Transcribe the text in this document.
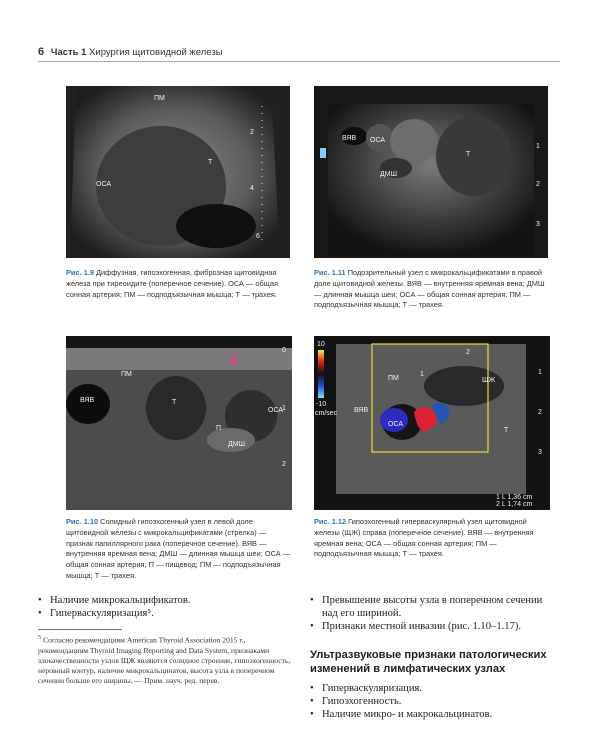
6 Часть 1 Хирургия щитовидной железы
ПМ
ОСА
Т
2
4
6
ВЯВ ОСА
ДМШ
Т
1
2
3
Рис. 1.9 Диффузная, гипоэхогенная, фиброзная щитовидная железа при тиреоидите (поперечное сечение). ОСА — общая сонная артерия; ПМ — подподъязычная мышца; Т — трахея.
Рис. 1.11 Подозрительный узел с микрокальцификатами в правой доле щитовидной железы. ВЯВ — внутренняя яремная вена; ДМШ — длинная мышца шеи; ОСА — общая сонная артерия; ПМ — подподъязычная мышца; Т — трахея.
ПМ
ВЯВ	Т
П
ОСА
ДМШ
0
1
2
10
-10
cm/sec
ПМ	ЩЖ
ВЯВ
ОСА
Т
1
2
1
2
3
1 L 1,36 cm
2 L 1,74 cm
Рис. 1.10 Солидный гипоэхогенный узел в левой доле щитовидной железы с микрокальцификатами (стрелка) — признак папиллярного рака (поперечное сечение). ВЯВ — внутренняя яремная вена; ДМШ — длинная мышца шеи; ОСА — общая сонная артерия; П — пищевод; ПМ — подподъязычная мышца; Т — трахея.
Рис. 1.12 Гипоэхогенный гиперваскулярный узел щитовидной железы (ЩЖ) справа (поперечное сечение). ВЯВ — внутренняя яремная вена; ОСА — общая сонная артерия; ПМ — подподъязычная мышца; Т — трахея.
• Наличие микрокальцификатов.
• Гиперваскуляризация⁵.
$^5$ Согласно рекомендациям American Thyroid Association 2015 г., рекомендациям Thyroid Imaging Reporting and Data System, признаками злокачественности узлов ЩЖ являются солидное строение, гипоэхогенность, неровный контур, наличие микрокальцинатов, высота узла в поперечном сечении больше его ширины. — Прим. науч. ред. перев.
• Превышение высоты узла в поперечном сечении над его шириной.
• Признаки местной инвазии (рис. 1.10–1.17).
Ультразвуковые признаки патологических изменений в лимфатических узлах
• Гиперваскуляризация.
• Гипоэхогенность.
• Наличие микро- и макрокальцинатов.
